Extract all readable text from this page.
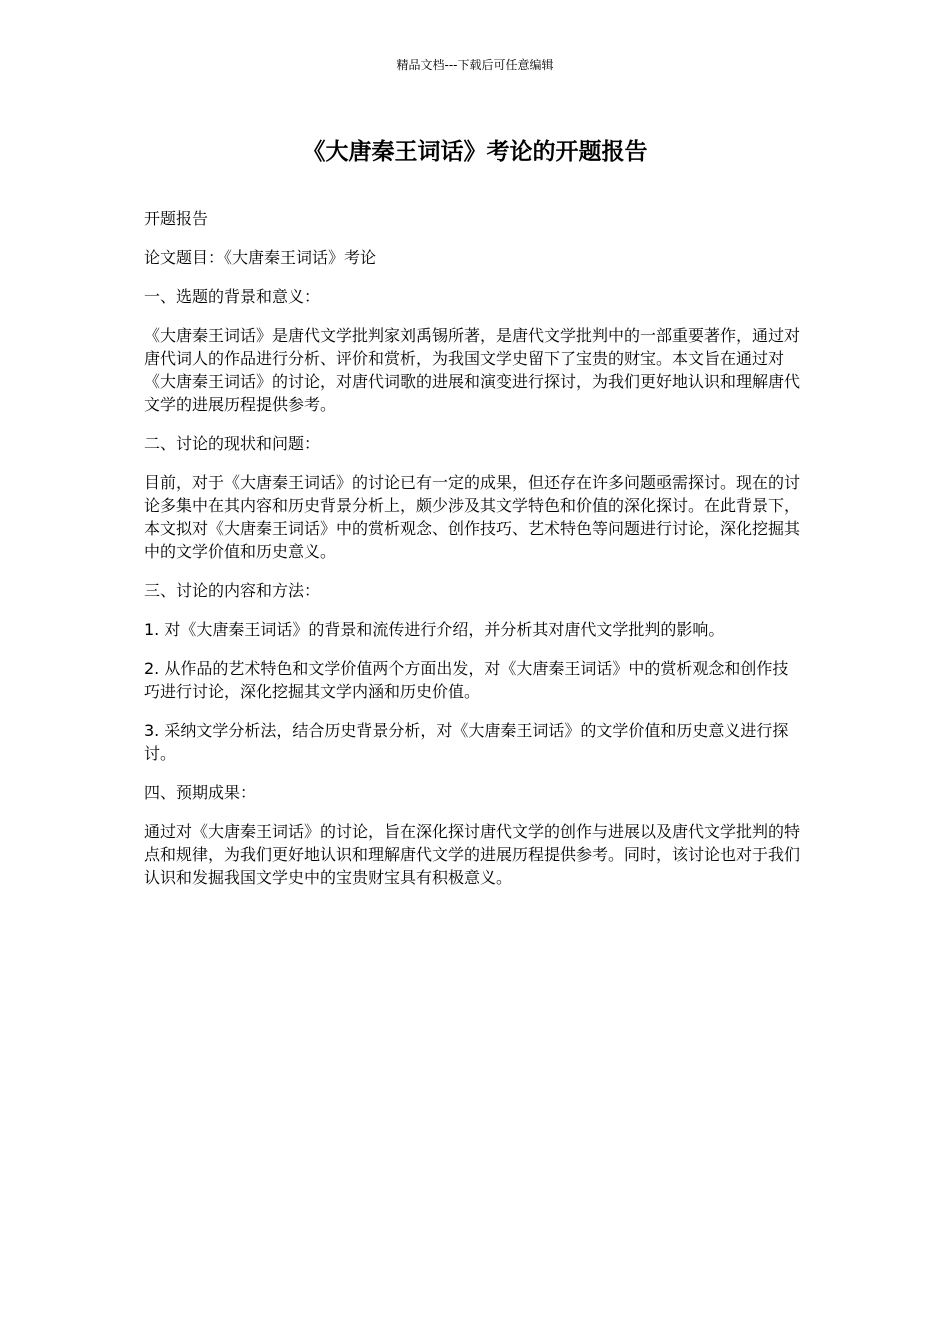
精品文档---下载后可任意编辑
《大唐秦王词话》考论的开题报告

开题报告

论文题目：《大唐秦王词话》考论

一、选题的背景和意义：

《大唐秦王词话》是唐代文学批判家刘禹锡所著，是唐代文学批判中的一部重要著作，通过对唐代词人的作品进行分析、评价和赏析，为我国文学史留下了宝贵的财宝。本文旨在通过对《大唐秦王词话》的讨论，对唐代词歌的进展和演变进行探讨，为我们更好地认识和理解唐代文学的进展历程提供参考。

二、讨论的现状和问题：

目前，对于《大唐秦王词话》的讨论已有一定的成果，但还存在许多问题亟需探讨。现在的讨论多集中在其内容和历史背景分析上，颇少涉及其文学特色和价值的深化探讨。在此背景下，本文拟对《大唐秦王词话》中的赏析观念、创作技巧、艺术特色等问题进行讨论，深化挖掘其中的文学价值和历史意义。

三、讨论的内容和方法：

1. 对《大唐秦王词话》的背景和流传进行介绍，并分析其对唐代文学批判的影响。

2. 从作品的艺术特色和文学价值两个方面出发，对《大唐秦王词话》中的赏析观念和创作技巧进行讨论，深化挖掘其文学内涵和历史价值。

3. 采纳文学分析法，结合历史背景分析，对《大唐秦王词话》的文学价值和历史意义进行探讨。

四、预期成果：

通过对《大唐秦王词话》的讨论，旨在深化探讨唐代文学的创作与进展以及唐代文学批判的特点和规律，为我们更好地认识和理解唐代文学的进展历程提供参考。同时，该讨论也对于我们认识和发掘我国文学史中的宝贵财宝具有积极意义。
